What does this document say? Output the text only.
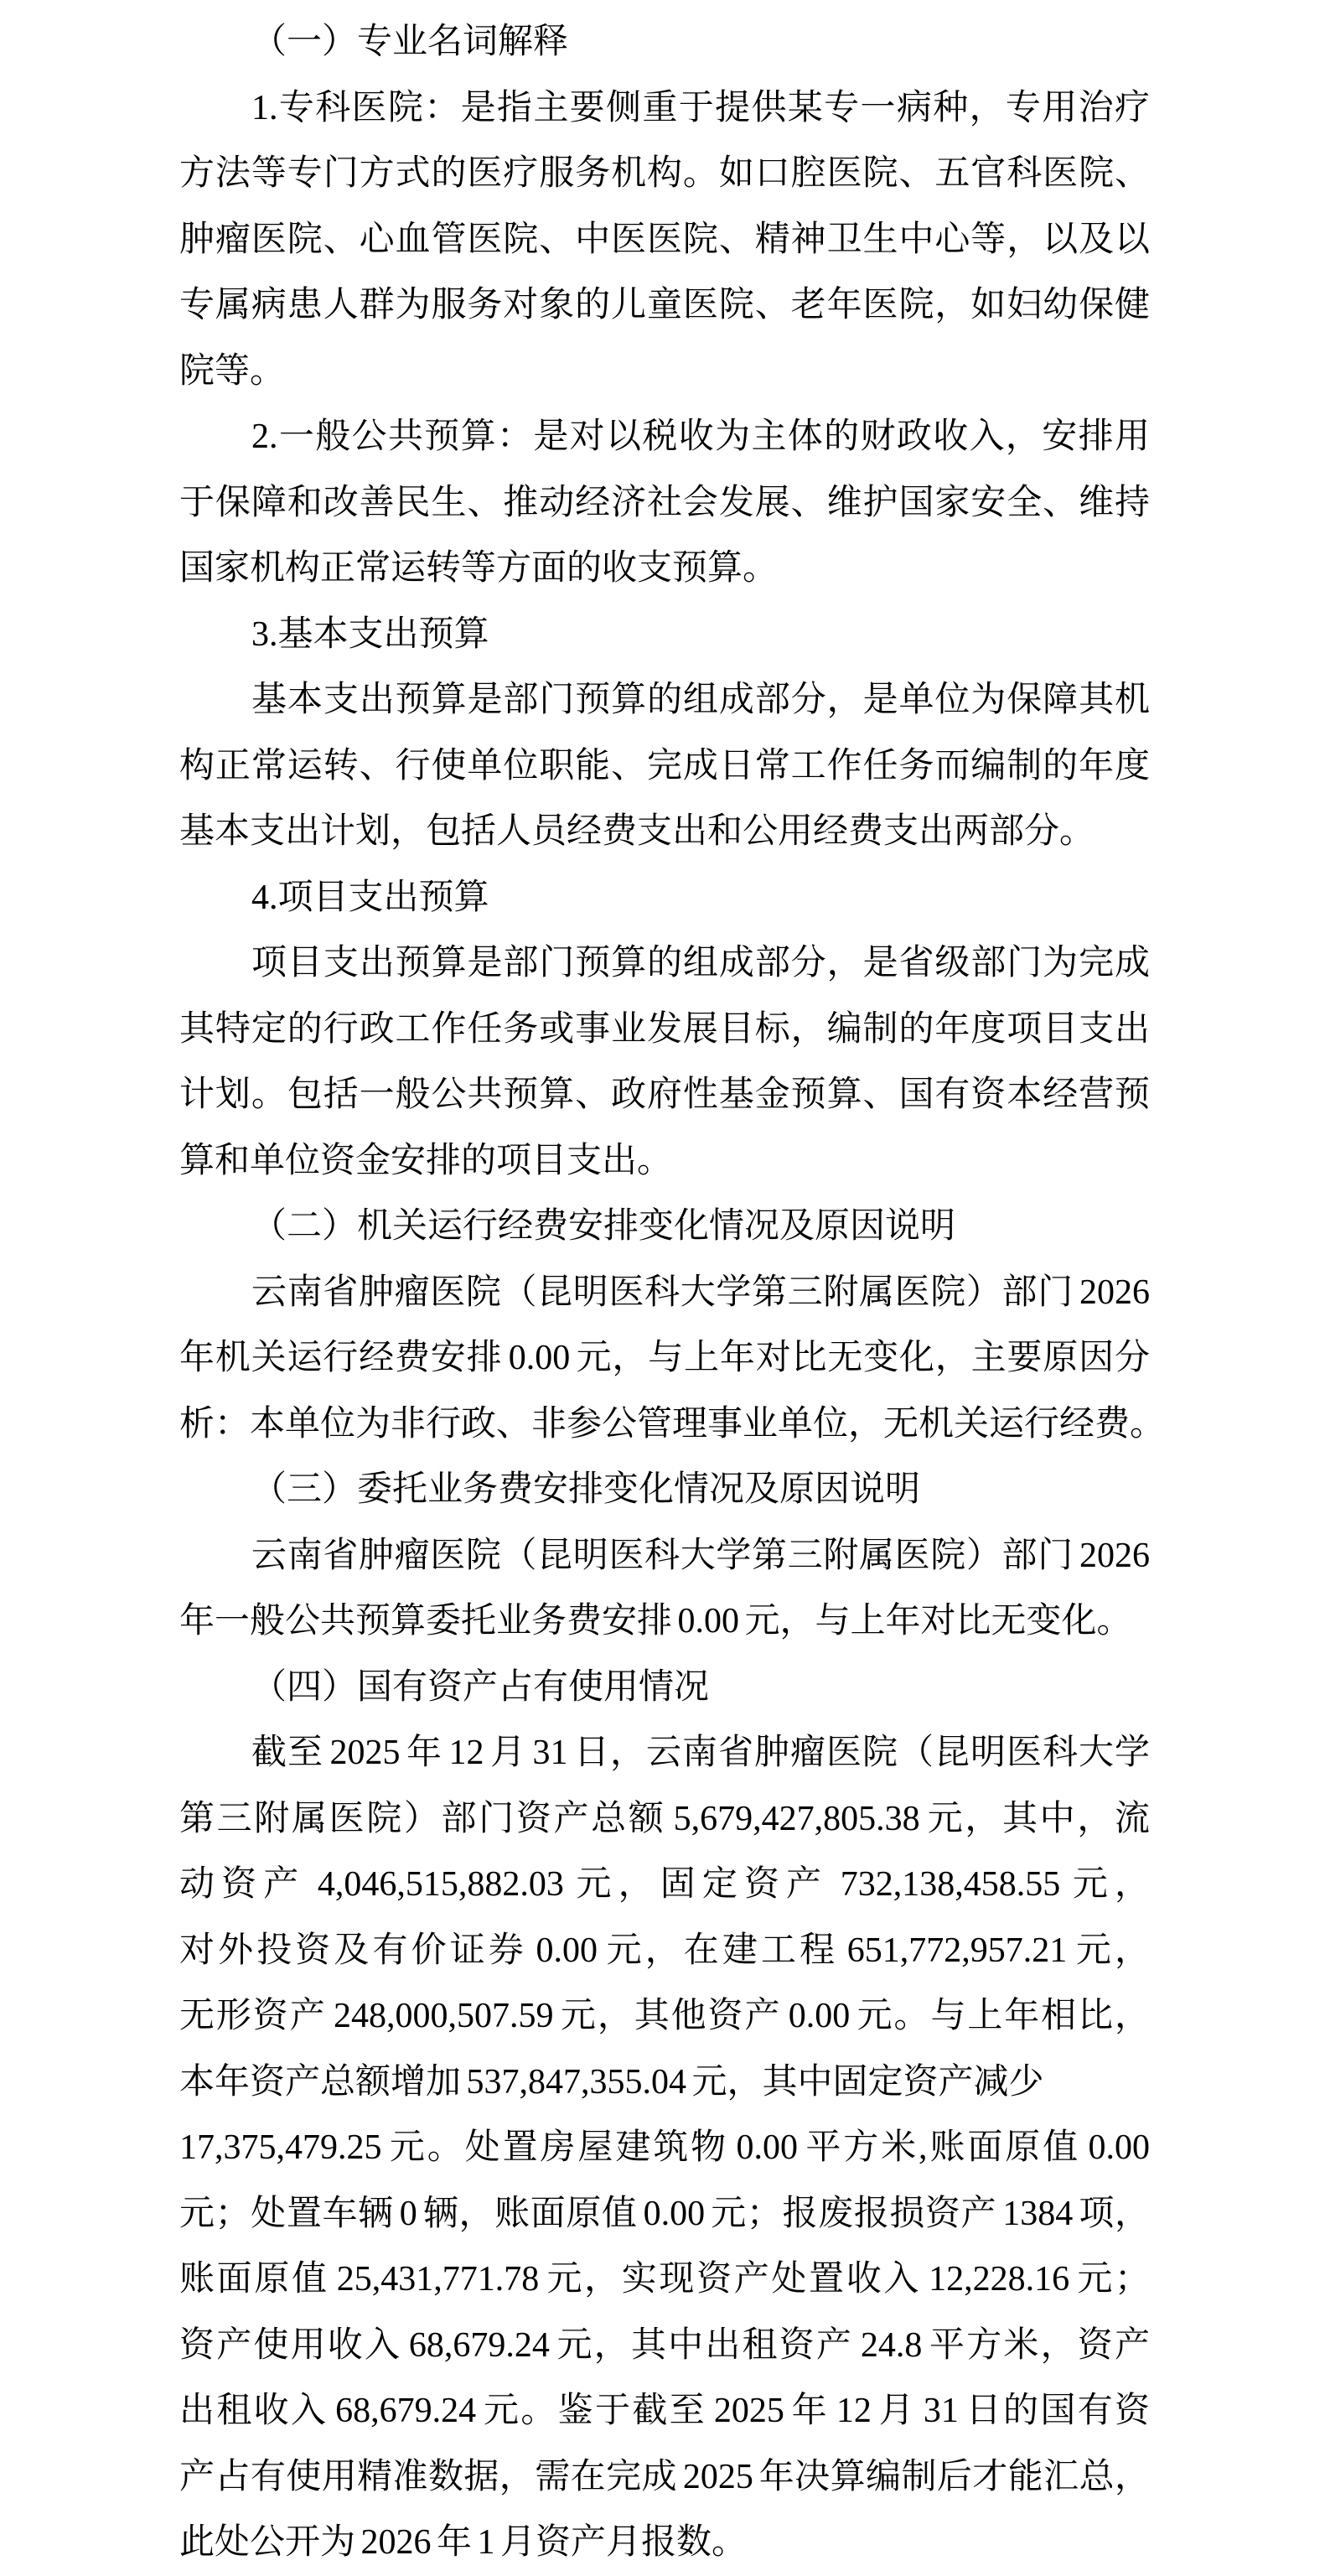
（一）专业名词解释
1.专科医院：是指主要侧重于提供某专一病种，专用治疗
方法等专门方式的医疗服务机构。如口腔医院、五官科医院、
肿瘤医院、心血管医院、中医医院、精神卫生中心等，以及以
专属病患人群为服务对象的儿童医院、老年医院，如妇幼保健
院等。
2.一般公共预算：是对以税收为主体的财政收入，安排用
于保障和改善民生、推动经济社会发展、维护国家安全、维持
国家机构正常运转等方面的收支预算。
3.基本支出预算
基本支出预算是部门预算的组成部分，是单位为保障其机
构正常运转、行使单位职能、完成日常工作任务而编制的年度
基本支出计划，包括人员经费支出和公用经费支出两部分。
4.项目支出预算
项目支出预算是部门预算的组成部分，是省级部门为完成
其特定的行政工作任务或事业发展目标，编制的年度项目支出
计划。包括一般公共预算、政府性基金预算、国有资本经营预
算和单位资金安排的项目支出。
（二）机关运行经费安排变化情况及原因说明
云南省肿瘤医院（昆明医科大学第三附属医院）部门 2026
年机关运行经费安排 0.00 元，与上年对比无变化，主要原因分
析：本单位为非行政、非参公管理事业单位，无机关运行经费。
（三）委托业务费安排变化情况及原因说明
云南省肿瘤医院（昆明医科大学第三附属医院）部门 2026
年一般公共预算委托业务费安排 0.00 元，与上年对比无变化。
（四）国有资产占有使用情况
截至 2025 年 12 月 31 日，云南省肿瘤医院（昆明医科大学
第三附属医院）部门资产总额 5,679,427,805.38 元，其中，流
动资产 4,046,515,882.03 元，固定资产 732,138,458.55 元，
对外投资及有价证券 0.00 元，在建工程 651,772,957.21 元，
无形资产 248,000,507.59 元，其他资产 0.00 元。与上年相比，
本年资产总额增加 537,847,355.04 元，其中固定资产减少
17,375,479.25 元。处置房屋建筑物 0.00 平方米,账面原值 0.00
元；处置车辆 0 辆，账面原值 0.00 元；报废报损资产 1384 项，
账面原值 25,431,771.78 元，实现资产处置收入 12,228.16 元；
资产使用收入 68,679.24 元，其中出租资产 24.8 平方米，资产
出租收入 68,679.24 元。鉴于截至 2025 年 12 月 31 日的国有资
产占有使用精准数据，需在完成 2025 年决算编制后才能汇总，
此处公开为 2026 年 1 月资产月报数。
